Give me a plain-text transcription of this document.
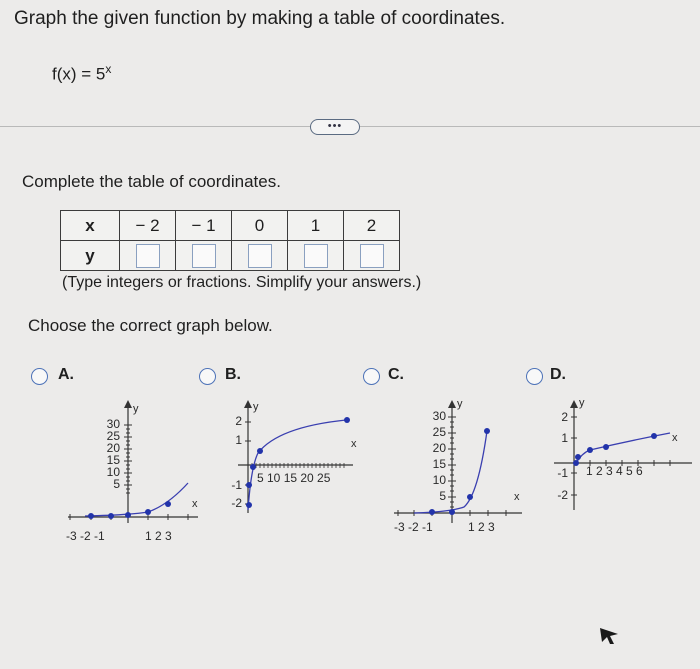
Graph the given function by making a table of coordinates.
$f(x) = 5^x$
•••
Complete the table of coordinates.
x	− 2	− 1	0	1	2
y					
(Type integers or fractions. Simplify your answers.)
Choose the correct graph below.
A.
y
30
25
20
15
10
5
-3 -2 -1	1 2 3
x
B.
y
2
1
-1
-2
5 10 15 20 25
x
C.
y
30
25
20
15
10
5
-3 -2 -1	1 2 3
x
D.
y
2
1
-1
-2
1 2 3 4 5 6
x
